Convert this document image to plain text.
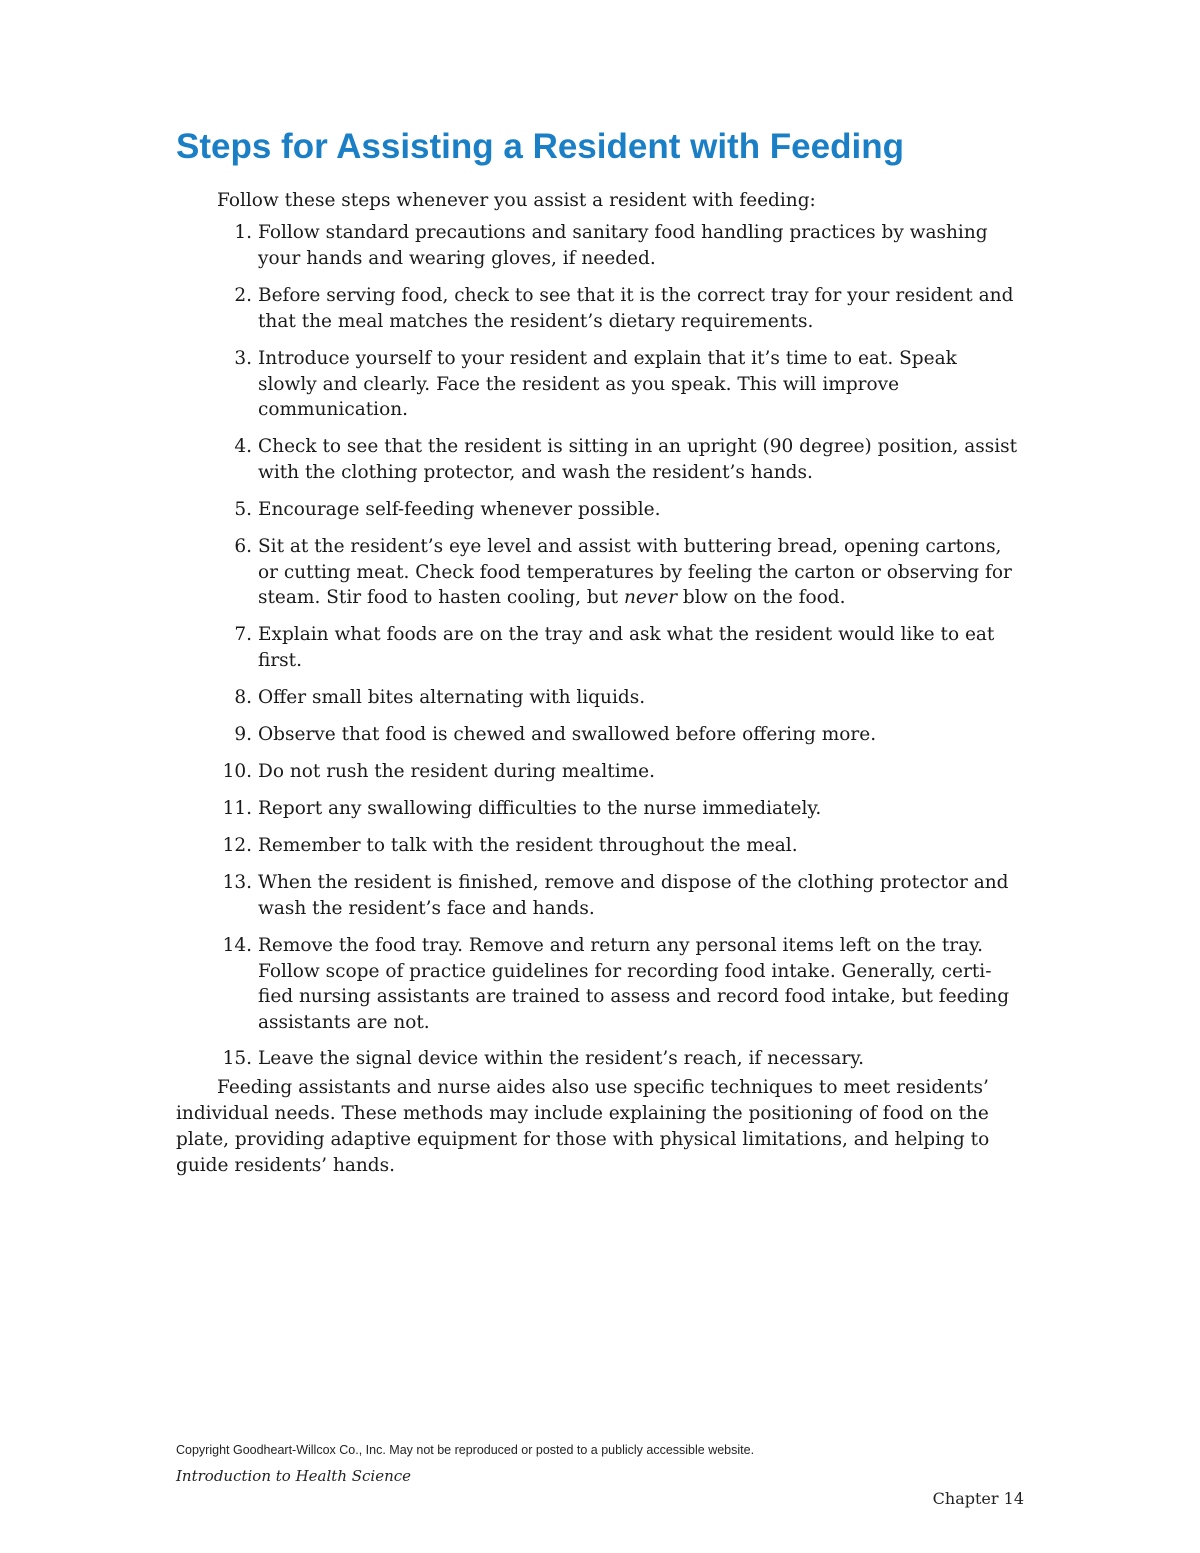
Steps for Assisting a Resident with Feeding

Follow these steps whenever you assist a resident with feeding:

1. Follow standard precautions and sanitary food handling practices by washing
your hands and wearing gloves, if needed.
2. Before serving food, check to see that it is the correct tray for your resident and
that the meal matches the resident’s dietary requirements.
3. Introduce yourself to your resident and explain that it’s time to eat. Speak
slowly and clearly. Face the resident as you speak. This will improve
communication.
4. Check to see that the resident is sitting in an upright (90 degree) position, assist
with the clothing protector, and wash the resident’s hands.
5. Encourage self-feeding whenever possible.
6. Sit at the resident’s eye level and assist with buttering bread, opening cartons,
or cutting meat. Check food temperatures by feeling the carton or observing for
steam. Stir food to hasten cooling, but never blow on the food.
7. Explain what foods are on the tray and ask what the resident would like to eat
first.
8. Offer small bites alternating with liquids.
9. Observe that food is chewed and swallowed before offering more.
10. Do not rush the resident during mealtime.
11. Report any swallowing difficulties to the nurse immediately.
12. Remember to talk with the resident throughout the meal.
13. When the resident is finished, remove and dispose of the clothing protector and
wash the resident’s face and hands.
14. Remove the food tray. Remove and return any personal items left on the tray.
Follow scope of practice guidelines for recording food intake. Generally, certi-
fied nursing assistants are trained to assess and record food intake, but feeding
assistants are not.
15. Leave the signal device within the resident’s reach, if necessary.

Feeding assistants and nurse aides also use specific techniques to meet residents’
individual needs. These methods may include explaining the positioning of food on the
plate, providing adaptive equipment for those with physical limitations, and helping to
guide residents’ hands.

Copyright Goodheart-Willcox Co., Inc. May not be reproduced or posted to a publicly accessible website.

Introduction to Health Science

Chapter 14
